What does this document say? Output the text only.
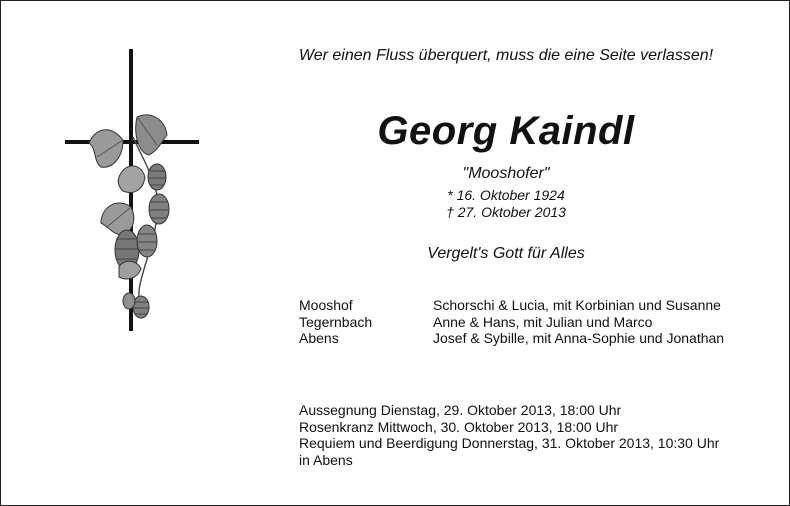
Wer einen Fluss überquert, muss die eine Seite verlassen!
Georg Kaindl
"Mooshofer"
* 16. Oktober 1924
† 27. Oktober 2013
Vergelt's Gott für Alles
Mooshof	Schorschi & Lucia, mit Korbinian und Susanne
Tegernbach	Anne & Hans, mit Julian und Marco
Abens	Josef & Sybille, mit Anna-Sophie und Jonathan
Aussegnung Dienstag, 29. Oktober 2013, 18:00 Uhr
Rosenkranz Mittwoch, 30. Oktober 2013, 18:00 Uhr
Requiem und Beerdigung Donnerstag, 31. Oktober 2013, 10:30 Uhr
in Abens
